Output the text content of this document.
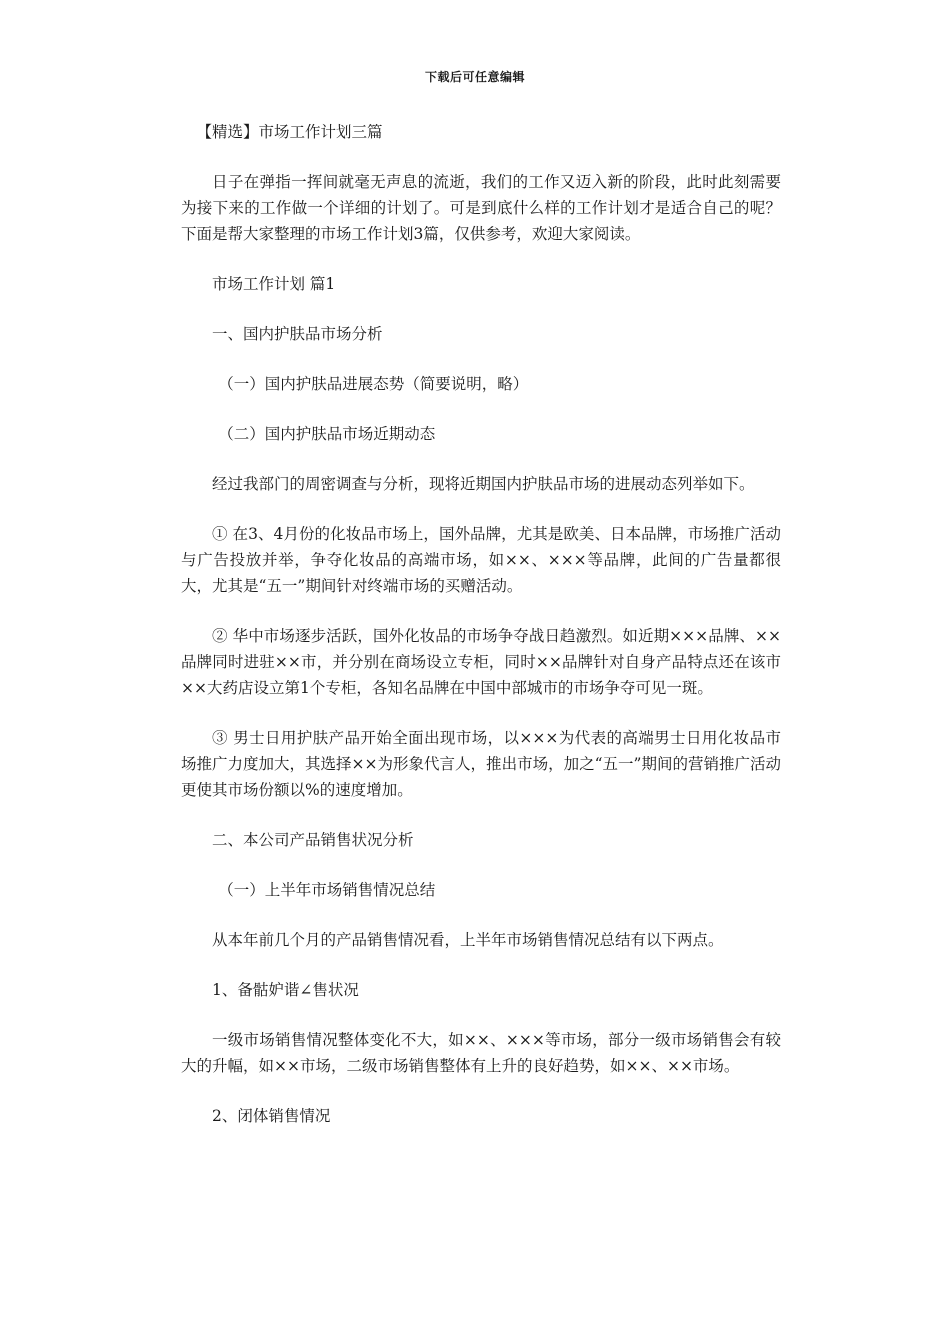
下载后可任意编辑

【精选】市场工作计划三篇

日子在弹指一挥间就毫无声息的流逝，我们的工作又迈入新的阶段，此时此刻需要为接下来的工作做一个详细的计划了。可是到底什么样的工作计划才是适合自己的呢？下面是帮大家整理的市场工作计划3篇，仅供参考，欢迎大家阅读。

市场工作计划 篇1

一、国内护肤品市场分析

（一）国内护肤品进展态势（简要说明，略）

（二）国内护肤品市场近期动态

经过我部门的周密调查与分析，现将近期国内护肤品市场的进展动态列举如下。

① 在3、4月份的化妆品市场上，国外品牌，尤其是欧美、日本品牌，市场推广活动与广告投放并举，争夺化妆品的高端市场，如××、×××等品牌，此间的广告量都很大，尤其是“五一”期间针对终端市场的买赠活动。

② 华中市场逐步活跃，国外化妆品的市场争夺战日趋激烈。如近期×××品牌、××品牌同时进驻××市，并分别在商场设立专柜，同时××品牌针对自身产品特点还在该市××大药店设立第1个专柜，各知名品牌在中国中部城市的市场争夺可见一斑。

③ 男士日用护肤产品开始全面出现市场，以×××为代表的高端男士日用化妆品市场推广力度加大，其选择××为形象代言人，推出市场，加之“五一”期间的营销推广活动更使其市场份额以%的速度增加。

二、本公司产品销售状况分析

（一）上半年市场销售情况总结

从本年前几个月的产品销售情况看，上半年市场销售情况总结有以下两点。

1、备骷妒谐∠售状况

一级市场销售情况整体变化不大，如××、×××等市场，部分一级市场销售会有较大的升幅，如××市场，二级市场销售整体有上升的良好趋势，如××、××市场。

2、闭体销售情况
